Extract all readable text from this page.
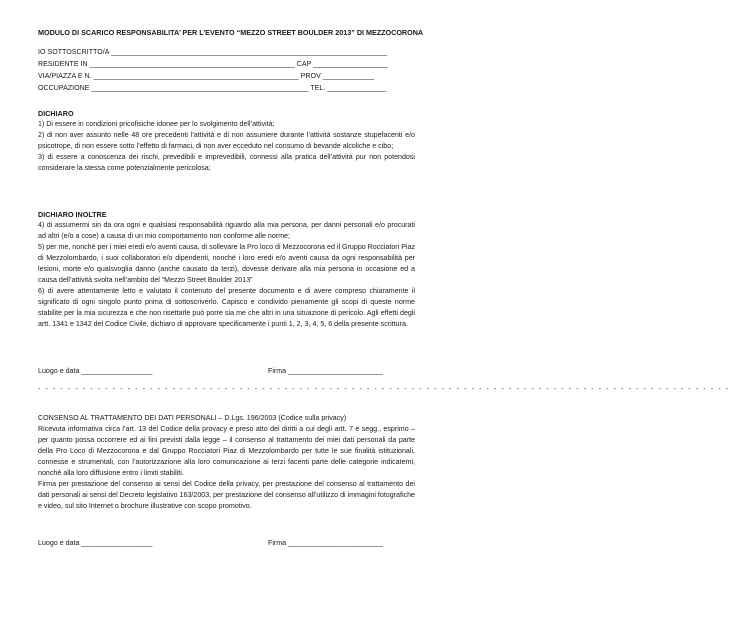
MODULO DI SCARICO RESPONSABILITA’ PER L’EVENTO “MEZZO STREET BOULDER 2013” DI MEZZOCORONA
IO SOTTOSCRITTO/A ______________________________________________________________________
RESIDENTE IN ____________________________________________________ CAP ___________________
VIA/PIAZZA E N. ____________________________________________________ PROV _____________
OCCUPAZIONE _______________________________________________________ TEL. _______________
DICHIARO

1) Di essere in condizioni pricofisiche idonee per lo svolgimento dell’attività;

2) di non aver assunto nelle 48 ore precedenti l’attività e di non assumere durante l’attività sostanze stupefacenti e/o psicotrope, di non essere sotto l’effetto di farmaci, di non aver ecceduto nel consumo di bevande alcoliche e cibo;

3) di essere a conoscenza dei rischi, prevedibili e imprevedibili, connessi alla pratica dell’attività pur non potendosi considerare la stessa come potenzialmente pericolosa;

DICHIARO INOLTRE

4) di assumermi sin da ora ogni e qualsiasi responsabilità riguardo alla mia persona, per danni personali e/o procurati ad altri (e/o a cose) a causa di un mio comportamento non conforme alle norme;

5) per me, nonché per i miei eredi e/o aventi causa, di sollevare la Pro loco di Mezzocorona ed il Gruppo Rocciatori Piaz di Mezzolombardo, i suoi collaboratori e/o dipendenti, nonché i loro eredi e/o aventi causa da ogni responsabilità per lesioni, morte e/o qualsvoglia danno (anche causato da terzi), dovesse derivare alla mia persona in occasione ed a causa dell’attività svolta nell’ambito del “Mezzo Street Boulder 2013”

6) di avere attentamente letto e valutato il contenuto del presente documento e di avere compreso chiaramente il significato di ogni singolo punto prima di sottoscriverlo. Capisco e condivido pienamente gli scopi di queste norme stabilite per la mia sicurezza e che non risettarle può porre sia me che altri in una situazione di pericolo. Agli effetti degli artt. 1341 e 1342 del Codice Civile, dichiaro di approvare specificamente i punti 1, 2, 3, 4, 5, 6 della presente scrittura.

Luogo e data __________________	Firma ________________________
- - - - - - - - - - - - - - - - - - - - - - - - - - - - - - - - - - - - - - - - - - - - - - - - - - - - - - - - - - - - - - - - - - - - - - - - - - - - - - - - - - - - - - - - - - - - -
CONSENSO AL TRATTAMENTO DEI DATI PERSONALI – D.Lgs. 196/2003 (Codice sulla privacy)

Ricevuta informativa circa l’art. 13 del Codice della provacy e preso atto dei diritti a cui degli artt. 7 e segg., esprimo – per quanto possa occorrere ed ai fini previsti dalla legge – il consenso al trattamento dei miei dati personali da parte della Pro Loco di Mezzocorona e dal Gruppo Rocciatori Piaz di Mezzolombardo per tutte le sue finalità istituzionali, connesse e strumentali, con l’autorizzazione alla loro comunicazione ai terzi facenti parte delle categorie indicatemi, nonché alla loro diffusione entro i limiti stabiliti.

Firma per prestazione del consenso ai sensi del Codice della privacy, per prestazione del consenso al trattamento dei dati personali ai sensi del Decreto legislativo 163/2003, per prestazione del consenso all’utilizzo di immagini fotografiche e video, sul sito Internet o brochure illustrative con scopo promotivo.

Luogo e data __________________	Firma ________________________
